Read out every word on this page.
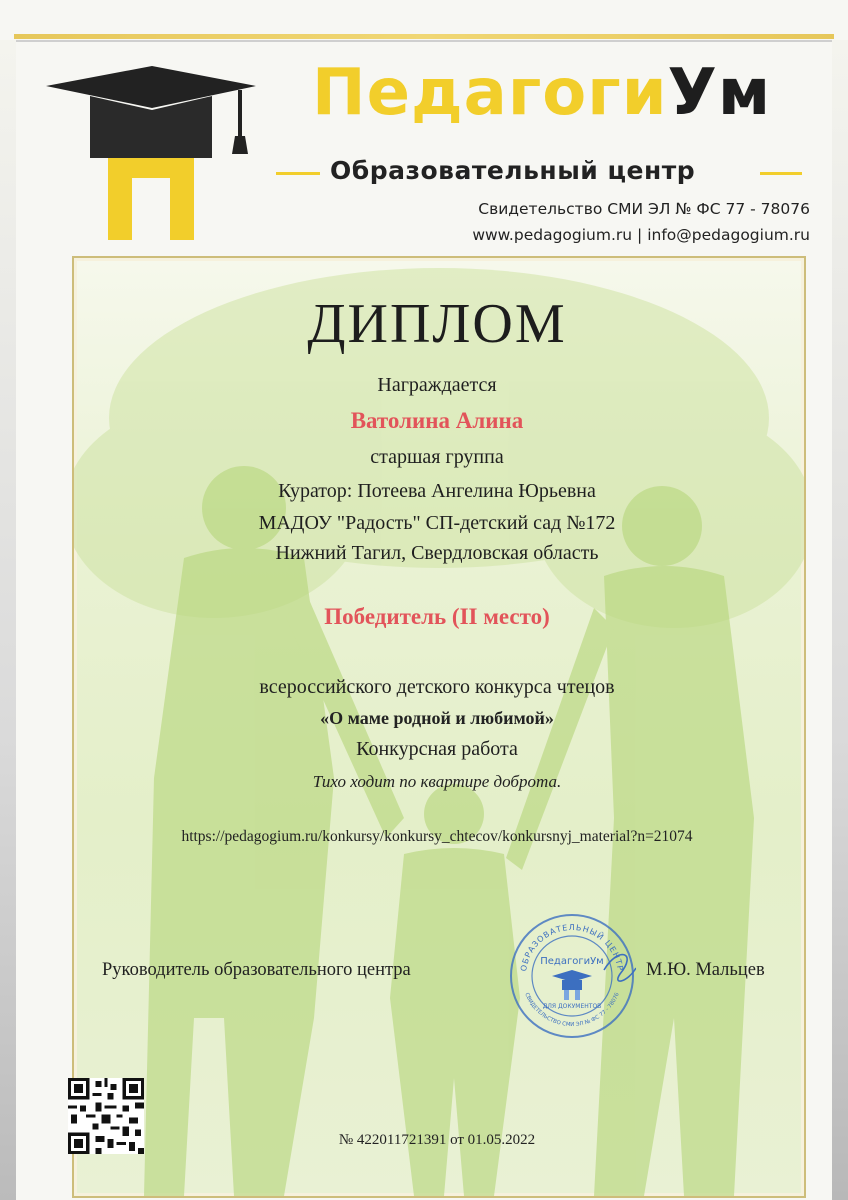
ПедагогиУм
Образовательный центр
Свидетельство СМИ ЭЛ № ФС 77 - 78076
www.pedagogium.ru | info@pedagogium.ru
ДИПЛОМ
Награждается
Ватолина Алина
старшая группа
Куратор: Потеева Ангелина Юрьевна
МАДОУ "Радость" СП-детский сад №172
Нижний Тагил, Свердловская область
Победитель (II место)
всероссийского детского конкурса чтецов
«О маме родной и любимой»
Конкурсная работа
Тихо ходит по квартире доброта.
https://pedagogium.ru/konkursy/konkursy_chtecov/konkursnyj_material?n=21074
Руководитель образовательного центра	ОБРАЗОВАТЕЛЬНЫЙ ЦЕНТР
СВИДЕТЕЛЬСТВО СМИ ЭЛ № ФС 77 - 78076
ПедагогиУм
ДЛЯ ДОКУМЕНТОВ
М.Ю. Мальцев
№ 422011721391 от 01.05.2022
